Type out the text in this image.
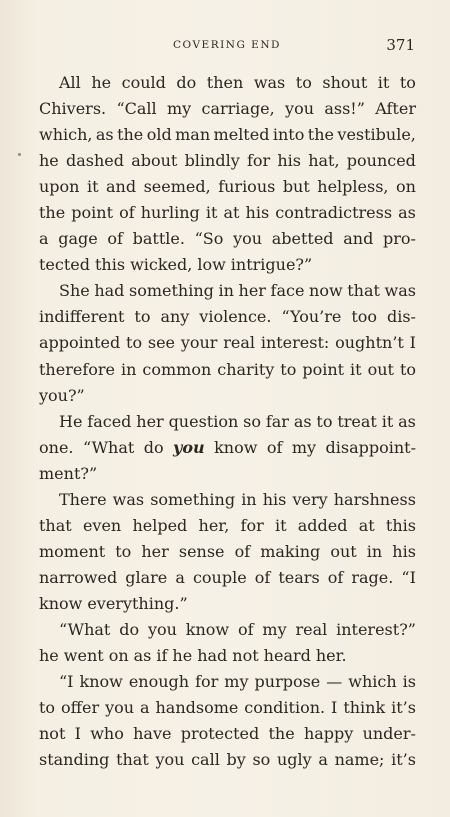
COVERING END	371
All he could do then was to shout it to
Chivers. “Call my carriage, you ass!” After
which, as the old man melted into the vestibule,
he dashed about blindly for his hat, pounced
upon it and seemed, furious but helpless, on
the point of hurling it at his contradictress as
a gage of battle. “So you abetted and pro-
tected this wicked, low intrigue?”
She had something in her face now that was
indifferent to any violence. “You’re too dis-
appointed to see your real interest: oughtn’t I
therefore in common charity to point it out to
you?”
He faced her question so far as to treat it as
one. “What do you know of my disappoint-
ment?”
There was something in his very harshness
that even helped her, for it added at this
moment to her sense of making out in his
narrowed glare a couple of tears of rage. “I
know everything.”
“What do you know of my real interest?”
he went on as if he had not heard her.
“I know enough for my purpose — which is
to offer you a handsome condition. I think it’s
not I who have protected the happy under-
standing that you call by so ugly a name; it’s
